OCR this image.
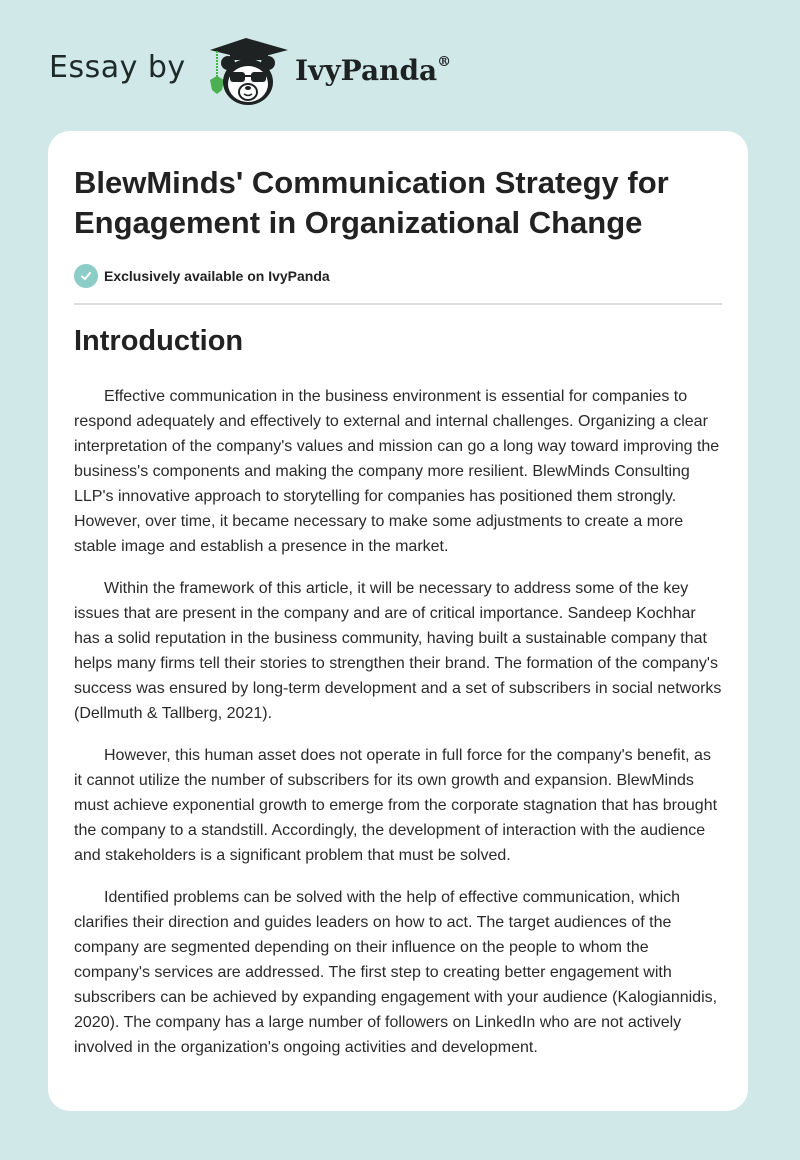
Essay by	IvyPanda®
BlewMinds' Communication Strategy for Engagement in Organizational Change
Exclusively available on IvyPanda
Introduction

Effective communication in the business environment is essential for companies to respond adequately and effectively to external and internal challenges. Organizing a clear interpretation of the company's values and mission can go a long way toward improving the business's components and making the company more resilient. BlewMinds Consulting LLP's innovative approach to storytelling for companies has positioned them strongly. However, over time, it became necessary to make some adjustments to create a more stable image and establish a presence in the market.

Within the framework of this article, it will be necessary to address some of the key issues that are present in the company and are of critical importance. Sandeep Kochhar has a solid reputation in the business community, having built a sustainable company that helps many firms tell their stories to strengthen their brand. The formation of the company's success was ensured by long-term development and a set of subscribers in social networks (Dellmuth & Tallberg, 2021).

However, this human asset does not operate in full force for the company's benefit, as it cannot utilize the number of subscribers for its own growth and expansion. BlewMinds must achieve exponential growth to emerge from the corporate stagnation that has brought the company to a standstill. Accordingly, the development of interaction with the audience and stakeholders is a significant problem that must be solved.

Identified problems can be solved with the help of effective communication, which clarifies their direction and guides leaders on how to act. The target audiences of the company are segmented depending on their influence on the people to whom the company's services are addressed. The first step to creating better engagement with subscribers can be achieved by expanding engagement with your audience (Kalogiannidis, 2020). The company has a large number of followers on LinkedIn who are not actively involved in the organization's ongoing activities and development.
